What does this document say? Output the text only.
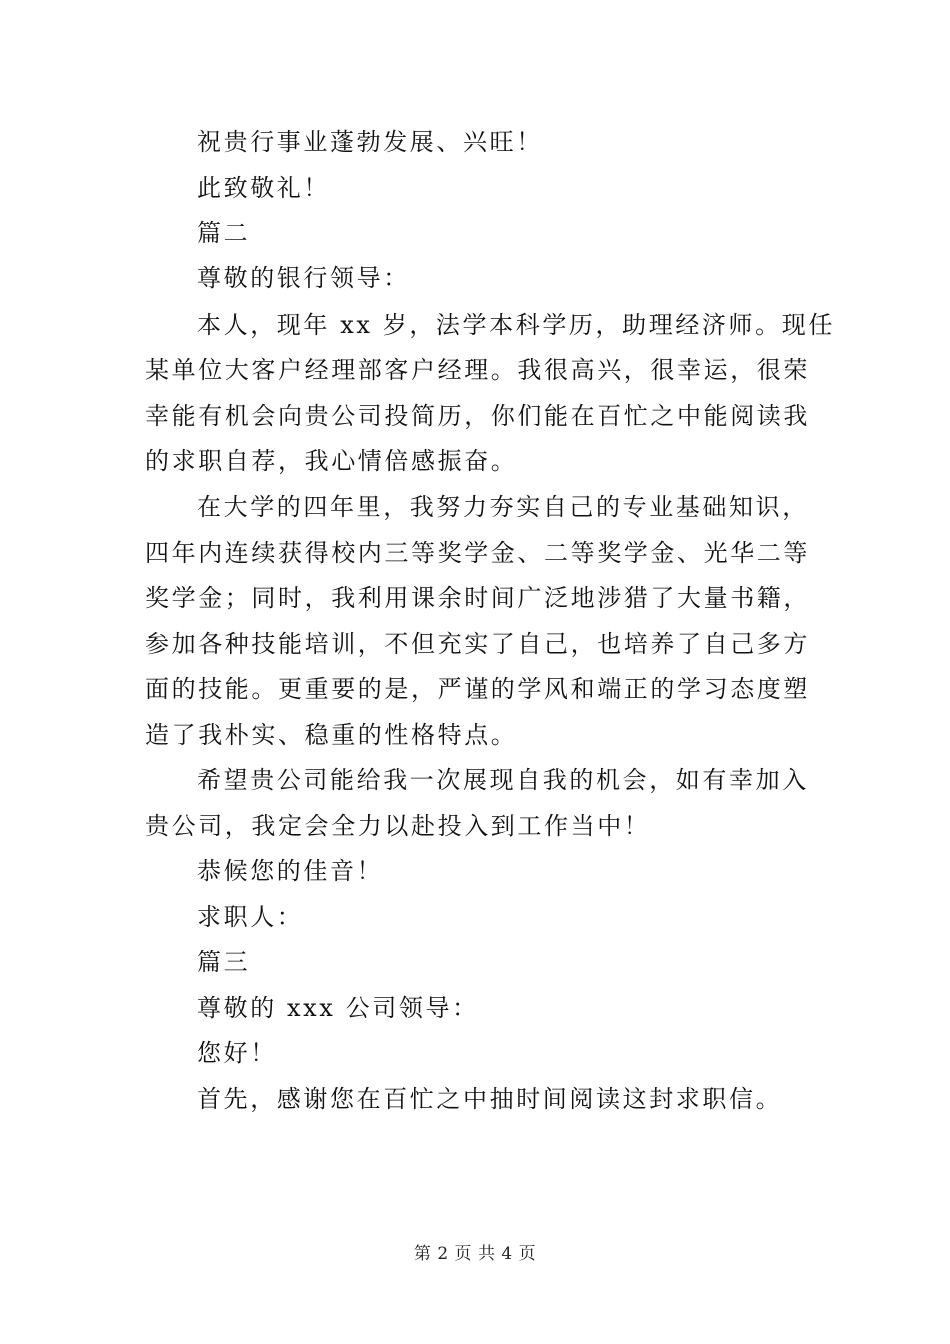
祝贵行事业蓬勃发展、兴旺！
此致敬礼！
篇二
尊敬的银行领导：
本人，现年 xx 岁，法学本科学历，助理经济师。现任
某单位大客户经理部客户经理。我很高兴，很幸运，很荣
幸能有机会向贵公司投简历，你们能在百忙之中能阅读我
的求职自荐，我心情倍感振奋。
在大学的四年里，我努力夯实自己的专业基础知识，
四年内连续获得校内三等奖学金、二等奖学金、光华二等
奖学金；同时，我利用课余时间广泛地涉猎了大量书籍，
参加各种技能培训，不但充实了自己，也培养了自己多方
面的技能。更重要的是，严谨的学风和端正的学习态度塑
造了我朴实、稳重的性格特点。
希望贵公司能给我一次展现自我的机会，如有幸加入
贵公司，我定会全力以赴投入到工作当中！
恭候您的佳音！
求职人：
篇三
尊敬的 xxx 公司领导：
您好！
首先，感谢您在百忙之中抽时间阅读这封求职信。
第 2 页 共 4 页
